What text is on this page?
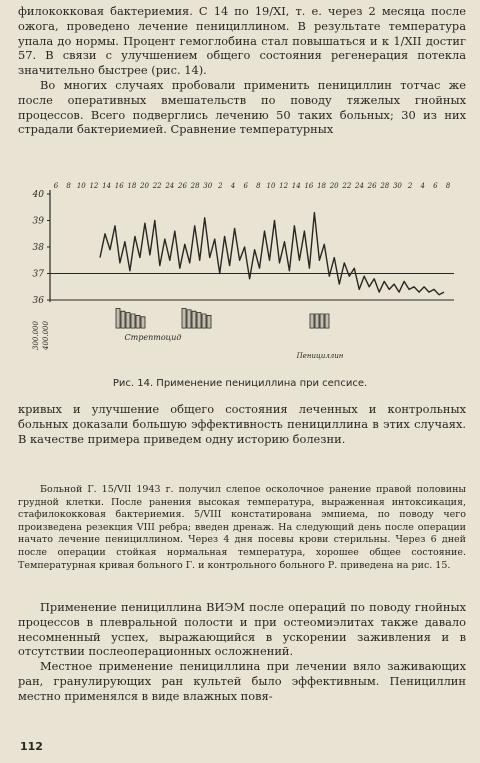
филококковая бактериемия. С 14 по 19/XI, т. е. через 2 месяца после ожога, проведено лечение пенициллином. В результате температура упала до нормы. Процент гемоглобина стал повышаться и к 1/XII достиг 57. В связи с улучшением общего состояния регенерация потекла значительно быстрее (рис. 14).

Во многих случаях пробовали применить пенициллин тотчас же после оперативных вмешательств по поводу тяжелых гнойных процессов. Всего подверглись лечению 50 таких больных; 30 из них страдали бактериемией. Сравнение температурных

40
39
38
37
36
6 8 10 12 14 16 18 20 22 24 26 28 30 2 4 6 8 10 12 14 16 18 20 22 24 26 28 30 2 4 6 8
300.000 400.000	Стрептоцид
Пенициллин
Рис. 14. Применение пенициллина при сепсисе.

кривых и улучшение общего состояния леченных и контрольных больных доказали большую эффективность пенициллина в этих случаях. В качестве примера приведем одну историю болезни.

Больной Г. 15/VII 1943 г. получил слепое осколочное ранение правой половины грудной клетки. После ранения высокая температура, выраженная интоксикация, стафилококковая бактериемия. 5/VIII констатирована эмпиема, по поводу чего произведена резекция VIII ребра; введен дренаж. На следующий день после операции начато лечение пенициллином. Через 4 дня посевы крови стерильны. Через 6 дней после операции стойкая нормальная температура, хорошее общее состояние. Температурная кривая больного Г. и контрольного больного Р. приведена на рис. 15.

Применение пенициллина ВИЭМ после операций по поводу гнойных процессов в плевральной полости и при остеомиэлитах также давало несомненный успех, выражающийся в ускорении заживления и в отсутствии послеоперационных осложнений.

Местное применение пенициллина при лечении вяло заживающих ран, гранулирующих ран культей было эффективным. Пенициллин местно применялся в виде влажных повя-

112
